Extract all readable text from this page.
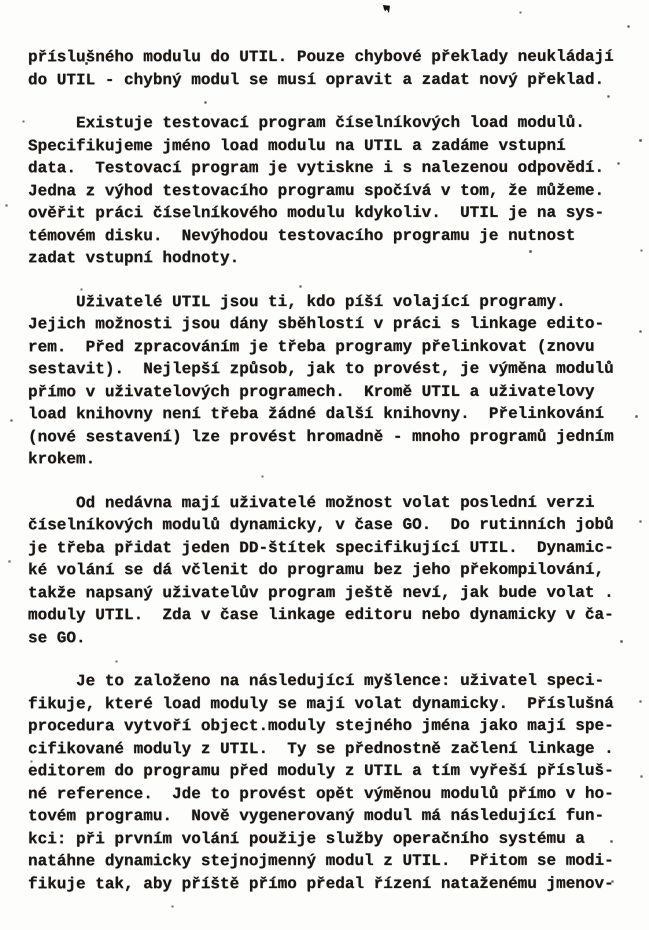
příslušného modulu do UTIL. Pouze chybové překlady neukládají
do UTIL - chybný modul se musí opravit a zadat nový překlad.
Existuje testovací program číselníkových load modulů.
Specifikujeme jméno load modulu na UTIL a zadáme vstupní
data.  Testovací program je vytiskne i s nalezenou odpovědí.
Jedna z výhod testovacího programu spočívá v tom, že můžeme.
ověřit práci číselníkového modulu kdykoliv.  UTIL je na sys-
témovém disku.  Nevýhodou testovacího programu je nutnost
zadat vstupní hodnoty.
Uživatelé UTIL jsou ti, kdo píší volající programy.
Jejich možnosti jsou dány sběhlostí v práci s linkage edito-
rem.  Před zpracováním je třeba programy přelinkovat (znovu
sestavit).  Nejlepší způsob, jak to provést, je výměna modulů
přímo v uživatelových programech.  Kromě UTIL a uživatelovy
load knihovny není třeba žádné další knihovny.  Přelinkování
(nové sestavení) lze provést hromadně - mnoho programů jedním
krokem.
Od nedávna mají uživatelé možnost volat poslední verzi
číselníkových modulů dynamicky, v čase GO.  Do rutinních jobů
je třeba přidat jeden DD-štítek specifikující UTIL.  Dynamic-
ké volání se dá včlenit do programu bez jeho překompilování,
takže napsaný uživatelův program ještě neví, jak bude volat .
moduly UTIL.  Zda v čase linkage editoru nebo dynamicky v ča-
se GO.
Je to založeno na následující myšlence: uživatel speci-
fikuje, které load moduly se mají volat dynamicky.  Příslušná
procedura vytvoří object.moduly stejného jména jako mají spe-
cifikované moduly z UTIL.  Ty se přednostně začlení linkage .
editorem do programu před moduly z UTIL a tím vyřeší přísluš-
né reference.  Jde to provést opět výměnou modulů přímo v ho-
tovém programu.  Nově vygenerovaný modul má následující fun-
kci: při prvním volání použije služby operačního systému a
natáhne dynamicky stejnojmenný modul z UTIL.  Přitom se modi-
fikuje tak, aby příště přímo předal řízení nataženému jmenov-
